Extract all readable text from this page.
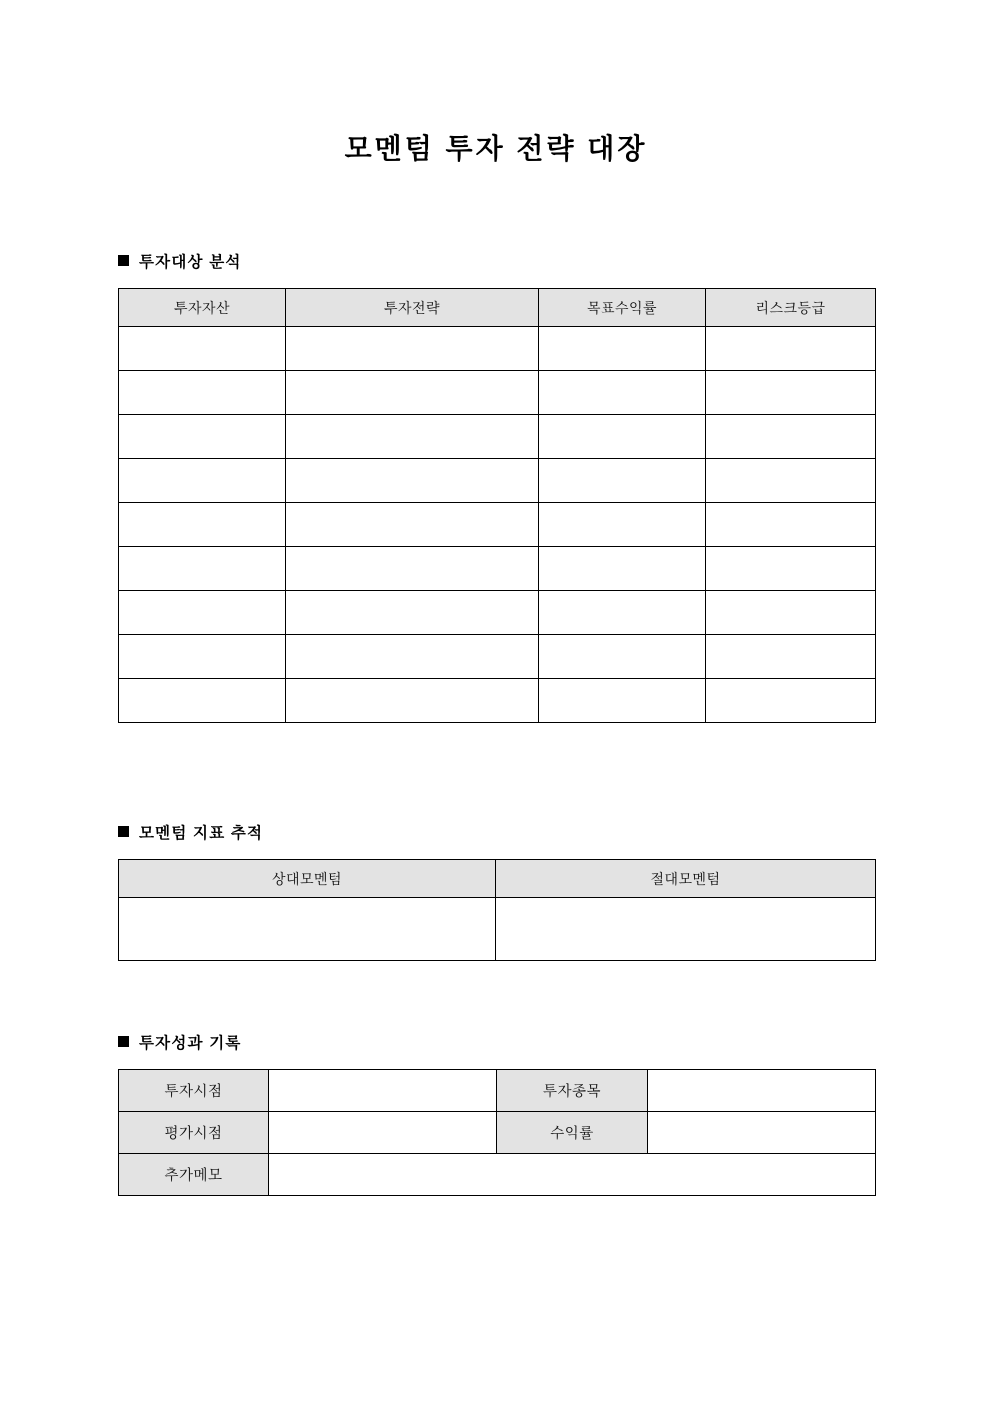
모멘텀 투자 전략 대장
투자대상 분석
투자자산	투자전략	목표수익률	리스크등급

모멘텀 지표 추적
상대모멘텀	절대모멘텀

투자성과 기록
투자시점		투자종목	
평가시점		수익률	
추가메모			
